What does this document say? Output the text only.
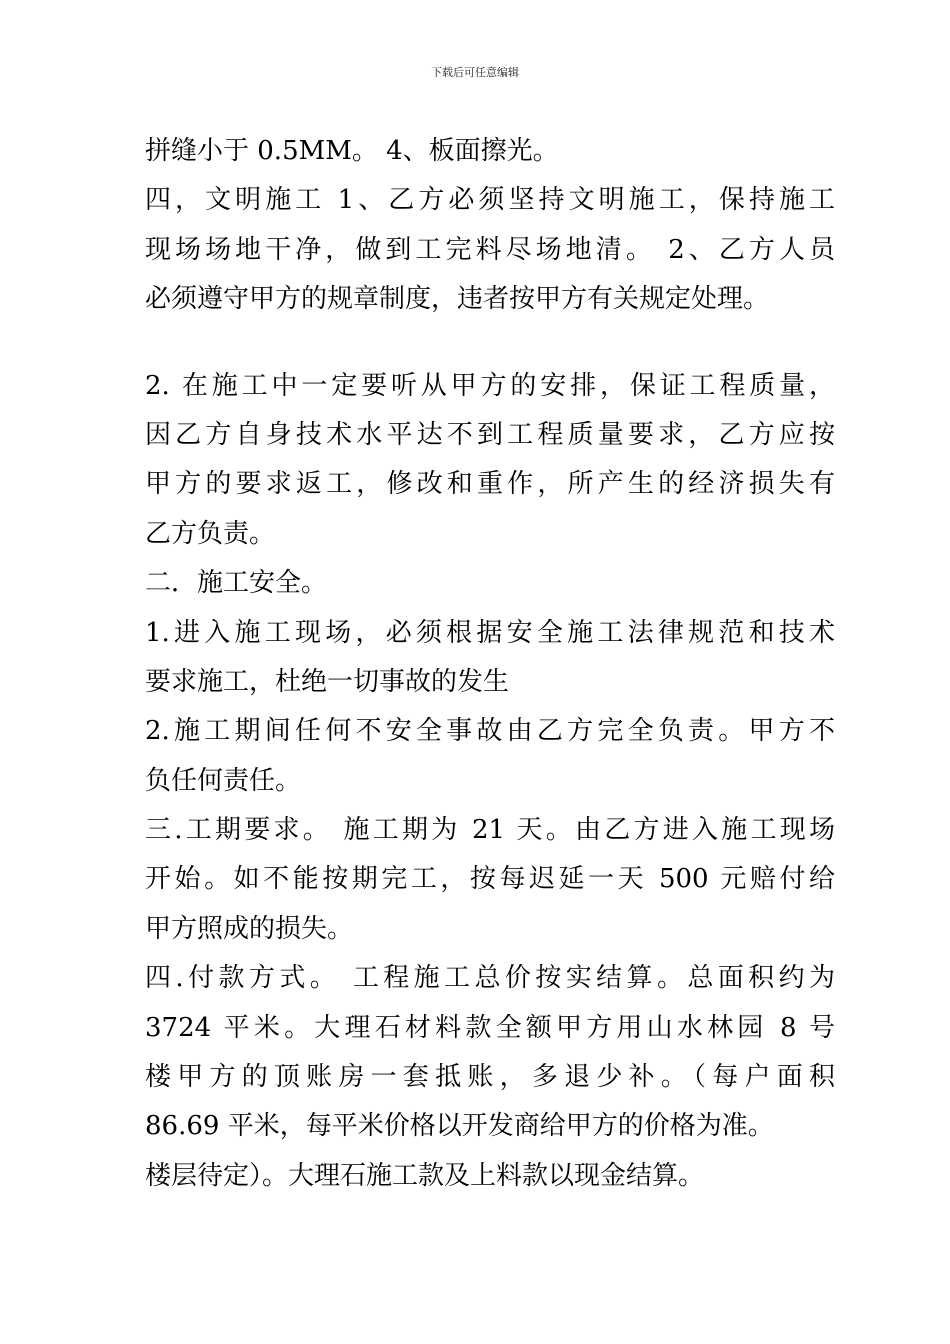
下载后可任意编辑
拼缝小于 0.5MM。 4、板面擦光。
四，文明施工 1、乙方必须坚持文明施工，保持施工
现场场地干净，做到工完料尽场地清。 2、乙方人员
必须遵守甲方的规章制度，违者按甲方有关规定处理。
2. 在施工中一定要听从甲方的安排，保证工程质量，
因乙方自身技术水平达不到工程质量要求，乙方应按
甲方的要求返工，修改和重作，所产生的经济损失有
乙方负责。
二．施工安全。
1.进入施工现场，必须根据安全施工法律规范和技术
要求施工，杜绝一切事故的发生
2.施工期间任何不安全事故由乙方完全负责。甲方不
负任何责任。
三.工期要求。 施工期为 21 天。由乙方进入施工现场
开始。如不能按期完工，按每迟延一天 500 元赔付给
甲方照成的损失。
四.付款方式。 工程施工总价按实结算。总面积约为
3724 平米。大理石材料款全额甲方用山水林园 8 号
楼甲方的顶账房一套抵账，多退少补。（每户面积
86.69 平米，每平米价格以开发商给甲方的价格为准。
楼层待定）。大理石施工款及上料款以现金结算。
